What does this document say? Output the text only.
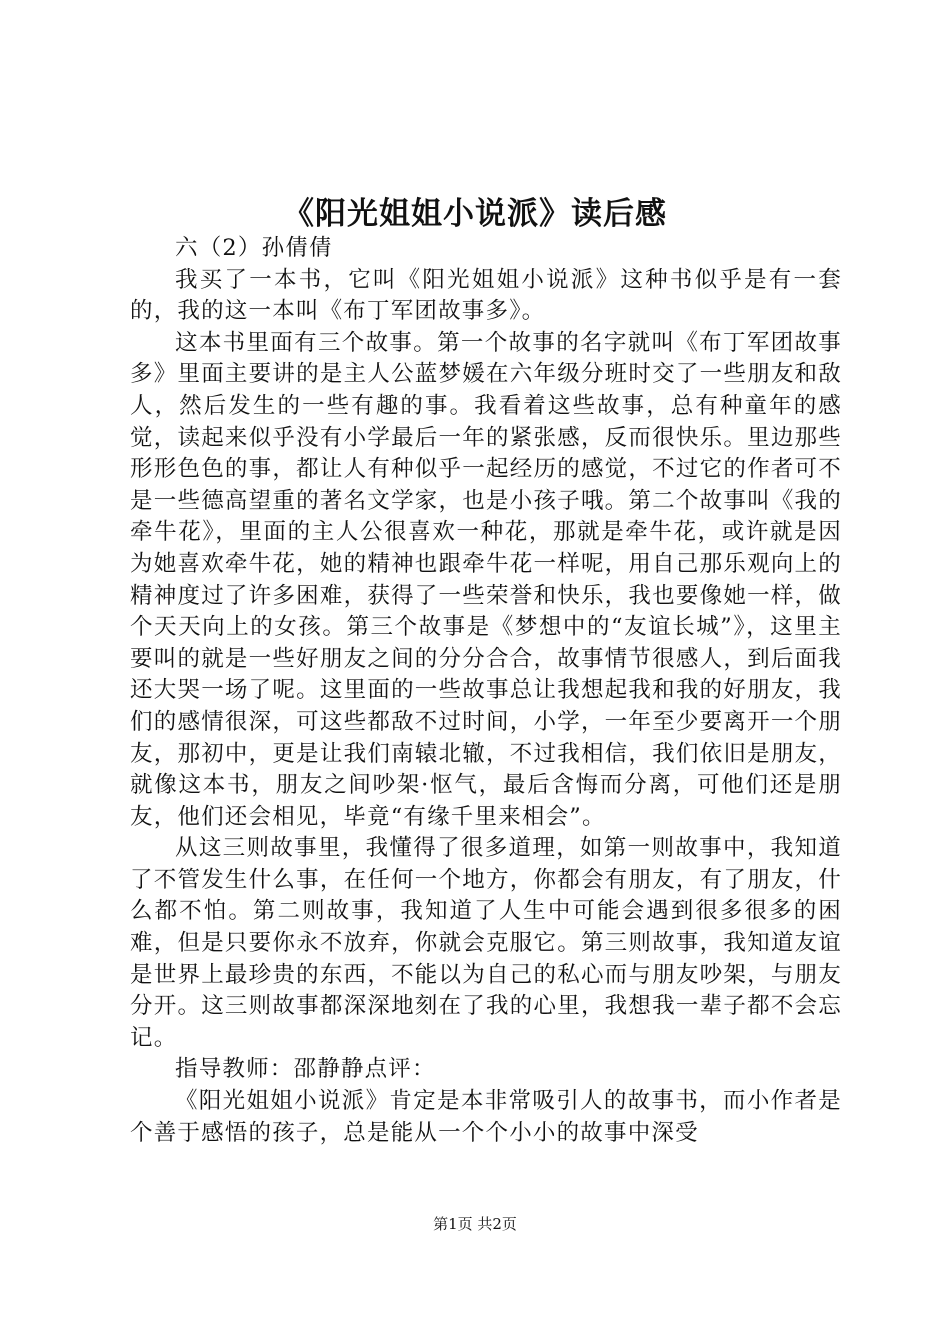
《阳光姐姐小说派》读后感

六（2）孙倩倩

我买了一本书，它叫《阳光姐姐小说派》这种书似乎是有一套的，我的这一本叫《布丁军团故事多》。

这本书里面有三个故事。第一个故事的名字就叫《布丁军团故事多》里面主要讲的是主人公蓝梦媛在六年级分班时交了一些朋友和敌人，然后发生的一些有趣的事。我看着这些故事，总有种童年的感觉，读起来似乎没有小学最后一年的紧张感，反而很快乐。里边那些形形色色的事，都让人有种似乎一起经历的感觉，不过它的作者可不是一些德高望重的著名文学家，也是小孩子哦。第二个故事叫《我的牵牛花》，里面的主人公很喜欢一种花，那就是牵牛花，或许就是因为她喜欢牵牛花，她的精神也跟牵牛花一样呢，用自己那乐观向上的精神度过了许多困难，获得了一些荣誉和快乐，我也要像她一样，做个天天向上的女孩。第三个故事是《梦想中的“友谊长城”》，这里主要叫的就是一些好朋友之间的分分合合，故事情节很感人，到后面我还大哭一场了呢。这里面的一些故事总让我想起我和我的好朋友，我们的感情很深，可这些都敌不过时间，小学，一年至少要离开一个朋友，那初中，更是让我们南辕北辙，不过我相信，我们依旧是朋友，就像这本书，朋友之间吵架·怄气，最后含悔而分离，可他们还是朋友，他们还会相见，毕竟“有缘千里来相会”。

从这三则故事里，我懂得了很多道理，如第一则故事中，我知道了不管发生什么事，在任何一个地方，你都会有朋友，有了朋友，什么都不怕。第二则故事，我知道了人生中可能会遇到很多很多的困难，但是只要你永不放弃，你就会克服它。第三则故事，我知道友谊是世界上最珍贵的东西，不能以为自己的私心而与朋友吵架，与朋友分开。这三则故事都深深地刻在了我的心里，我想我一辈子都不会忘记。

指导教师：邵静静点评：

《阳光姐姐小说派》肯定是本非常吸引人的故事书，而小作者是个善于感悟的孩子，总是能从一个个小小的故事中深受

第1页 共2页
